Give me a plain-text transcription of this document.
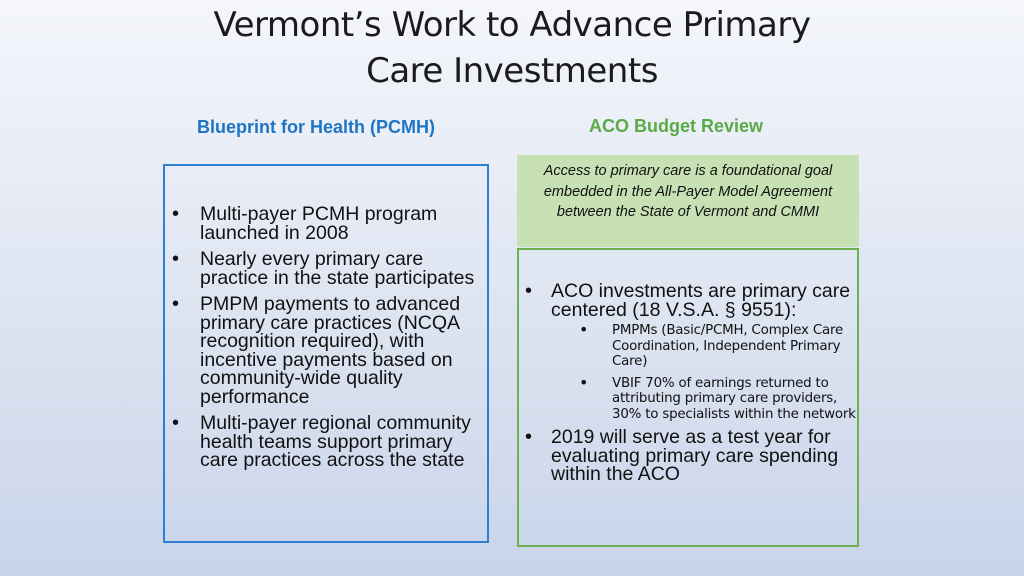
Vermont’s Work to Advance Primary
Care Investments
Blueprint for Health (PCMH)	ACO Budget Review
• Multi-payer PCMH program launched in 2008
• Nearly every primary care practice in the state participates
• PMPM payments to advanced primary care practices (NCQA recognition required), with incentive payments based on community-wide quality performance
• Multi-payer regional community health teams support primary care practices across the state
Access to primary care is a foundational goal embedded in the All-Payer Model Agreement between the State of Vermont and CMMI
• ACO investments are primary care centered (18 V.S.A. § 9551):
• PMPMs (Basic/PCMH, Complex Care Coordination, Independent Primary Care)
• VBIF 70% of earnings returned to attributing primary care providers, 30% to specialists within the network
• 2019 will serve as a test year for evaluating primary care spending within the ACO
